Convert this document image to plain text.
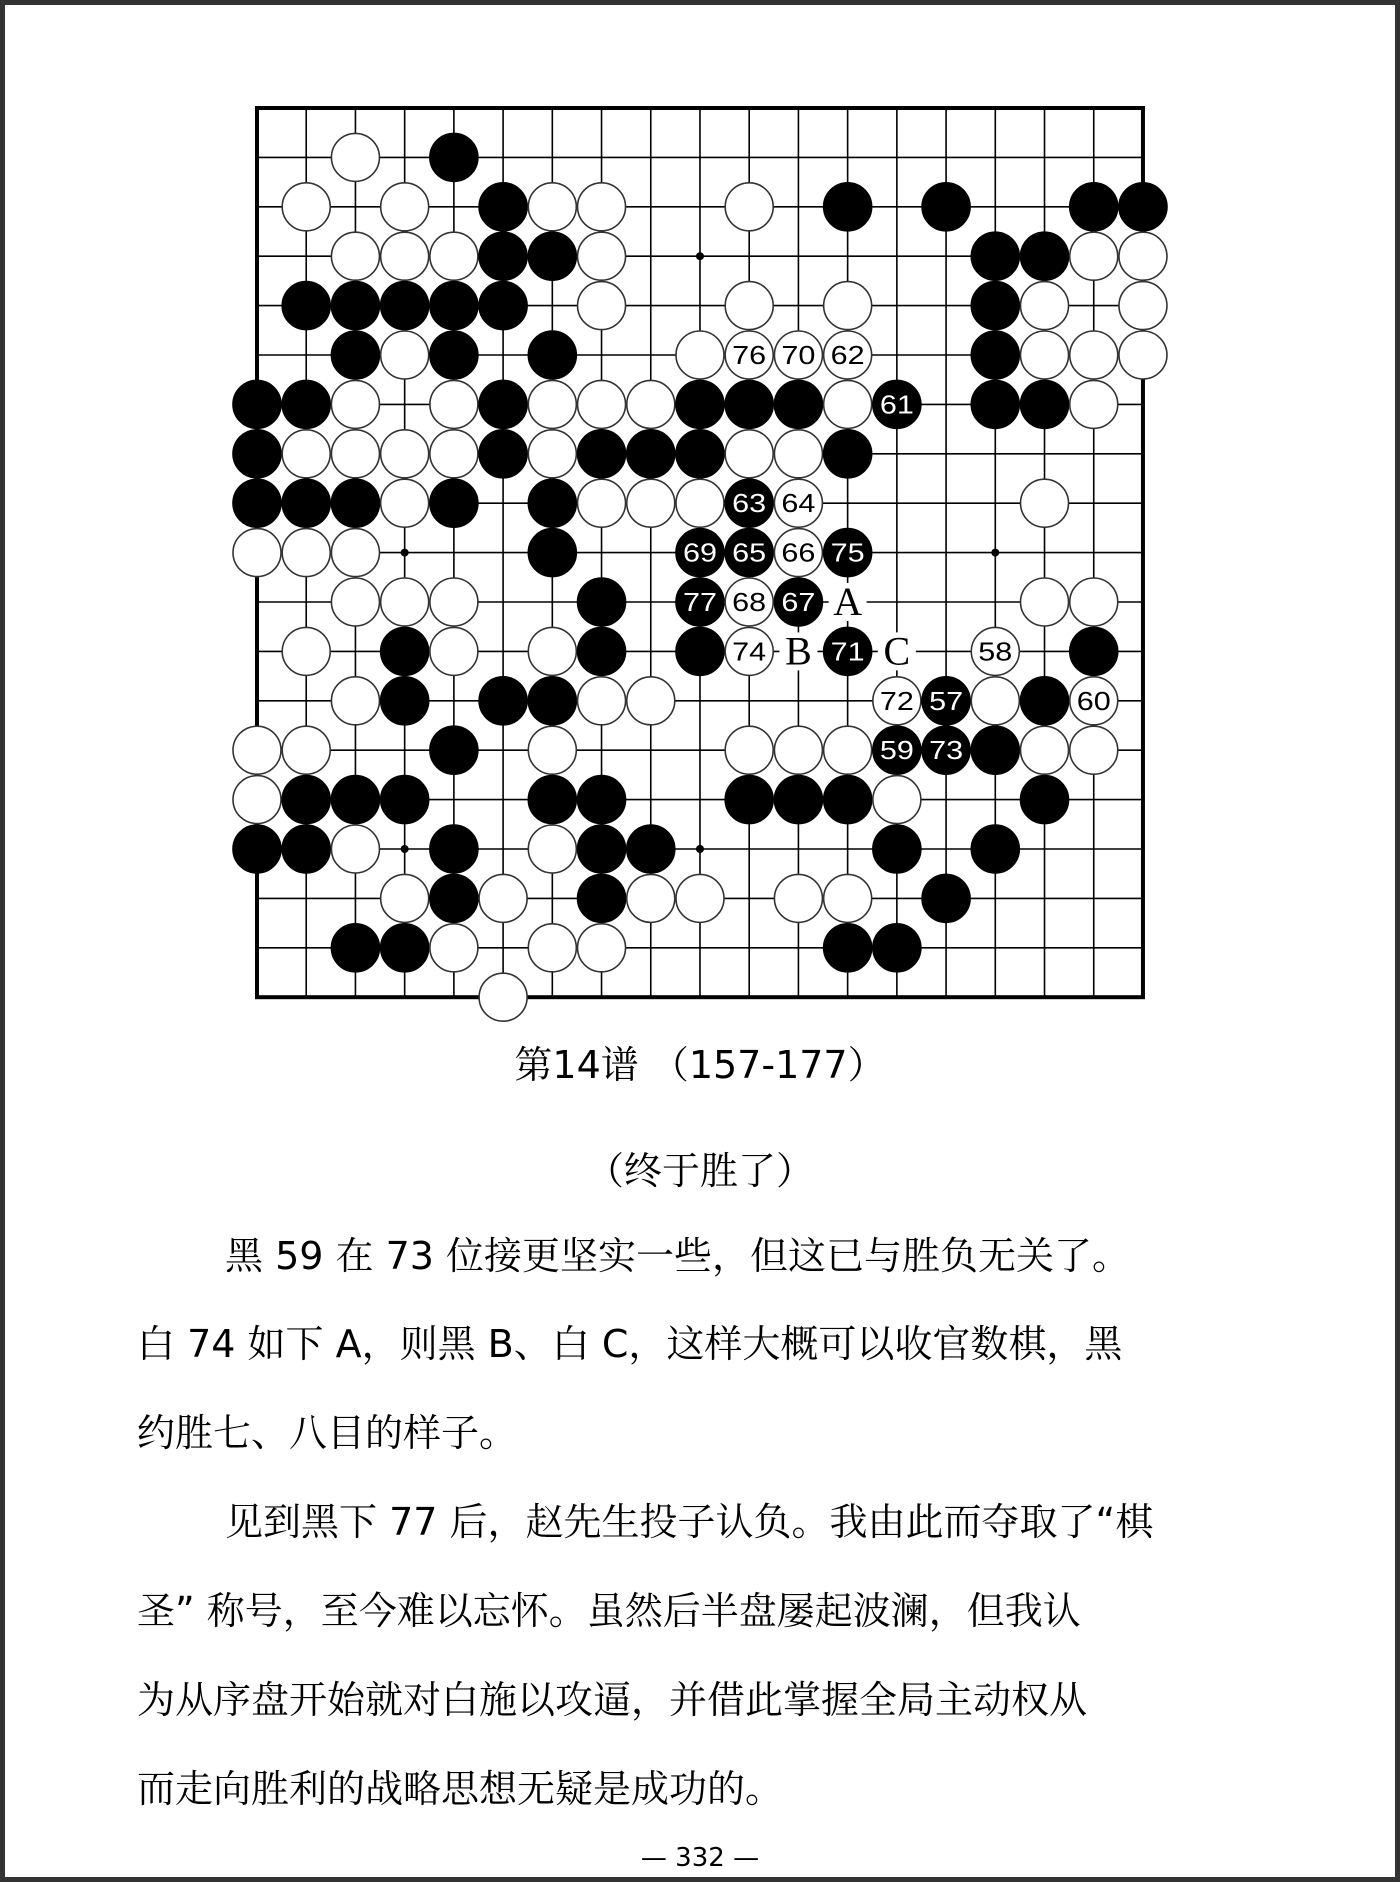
A
B C
76 70 62
61
63 64
69 65 66 75
77 68 67
74 71	58
72 57	60
59 73
第14谱 （157-177）
（终于胜了）
黑 59 在 73 位接更坚实一些，但这已与胜负无关了。
白 74 如下 A，则黑 B、白 C，这样大概可以收官数棋，黑
约胜七、八目的样子。
见到黑下 77 后，赵先生投子认负。我由此而夺取了“棋
圣” 称号，至今难以忘怀。虽然后半盘屡起波澜，但我认
为从序盘开始就对白施以攻逼，并借此掌握全局主动权从
而走向胜利的战略思想无疑是成功的。
— 332 —
